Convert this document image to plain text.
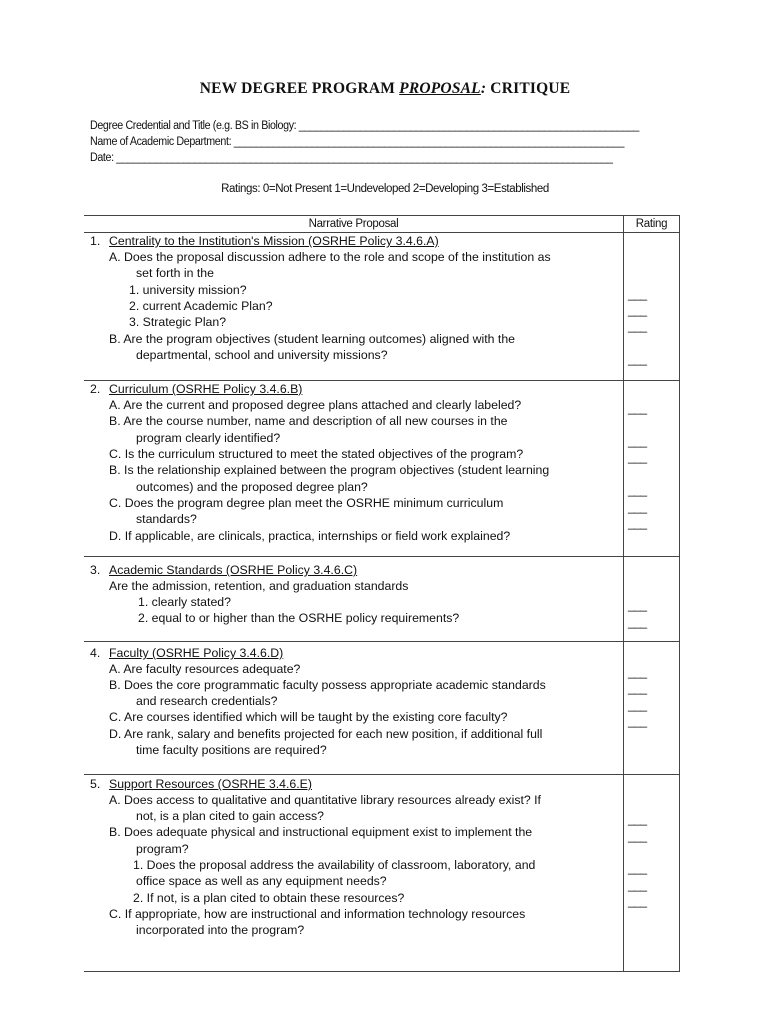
NEW DEGREE PROGRAM PROPOSAL: CRITIQUE
Degree Credential and Title (e.g. BS in Biology: _____________________________________________________________
Name of Academic Department: ______________________________________________________________________
Date: _________________________________________________________________________________________
Ratings: 0=Not Present 1=Undeveloped 2=Developing 3=Established
Narrative Proposal	Rating
1. Centrality to the Institution's Mission (OSRHE Policy 3.4.6.A)
A. Does the proposal discussion adhere to the role and scope of the institution as
set forth in the
1. university mission?
2. current Academic Plan?
3. Strategic Plan?
B. Are the program objectives (student learning outcomes) aligned with the
departmental, school and university missions?
___
___
___
___
2. Curriculum (OSRHE Policy 3.4.6.B)
A. Are the current and proposed degree plans attached and clearly labeled?
B. Are the course number, name and description of all new courses in the
program clearly identified?
C. Is the curriculum structured to meet the stated objectives of the program?
B. Is the relationship explained between the program objectives (student learning
outcomes) and the proposed degree plan?
C. Does the program degree plan meet the OSRHE minimum curriculum
standards?
D. If applicable, are clinicals, practica, internships or field work explained?
___
___
___
___
___
___
3. Academic Standards (OSRHE Policy 3.4.6.C)
Are the admission, retention, and graduation standards
1. clearly stated?
2. equal to or higher than the OSRHE policy requirements?
___
___
4. Faculty (OSRHE Policy 3.4.6.D)
A. Are faculty resources adequate?
B. Does the core programmatic faculty possess appropriate academic standards
and research credentials?
C. Are courses identified which will be taught by the existing core faculty?
D. Are rank, salary and benefits projected for each new position, if additional full
time faculty positions are required?
___
___
___
___
5. Support Resources (OSRHE 3.4.6.E)
A. Does access to qualitative and quantitative library resources already exist? If
not, is a plan cited to gain access?
B. Does adequate physical and instructional equipment exist to implement the
program?
1. Does the proposal address the availability of classroom, laboratory, and
office space as well as any equipment needs?
2. If not, is a plan cited to obtain these resources?
C. If appropriate, how are instructional and information technology resources
incorporated into the program?
___
___
___
___
___
